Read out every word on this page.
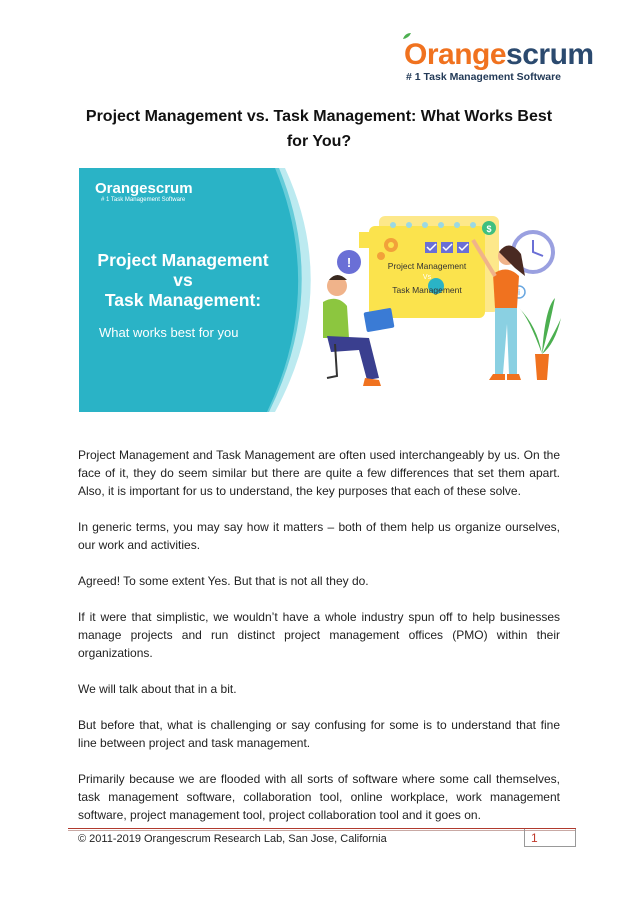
Orangescrum
# 1 Task Management Software
Project Management vs. Task Management: What Works Best for You?
!
$
i
Orangescrum
# 1 Task Management Software
Project Management
vs
Task Management:
What works best for you
Project Management
Vs
Task Management

Project Management and Task Management are often used interchangeably by us. On the face of it, they do seem similar but there are quite a few differences that set them apart. Also, it is important for us to understand, the key purposes that each of these solve.

In generic terms, you may say how it matters – both of them help us organize ourselves, our work and activities.

Agreed! To some extent Yes. But that is not all they do.

If it were that simplistic, we wouldn’t have a whole industry spun off to help businesses manage projects and run distinct project management offices (PMO) within their organizations.

We will talk about that in a bit.

But before that, what is challenging or say confusing for some is to understand that fine line between project and task management.

Primarily because we are flooded with all sorts of software where some call themselves, task management software, collaboration tool, online workplace, work management software, project management tool, project collaboration tool and it goes on.

© 2011-2019 Orangescrum Research Lab, San Jose, California	1
